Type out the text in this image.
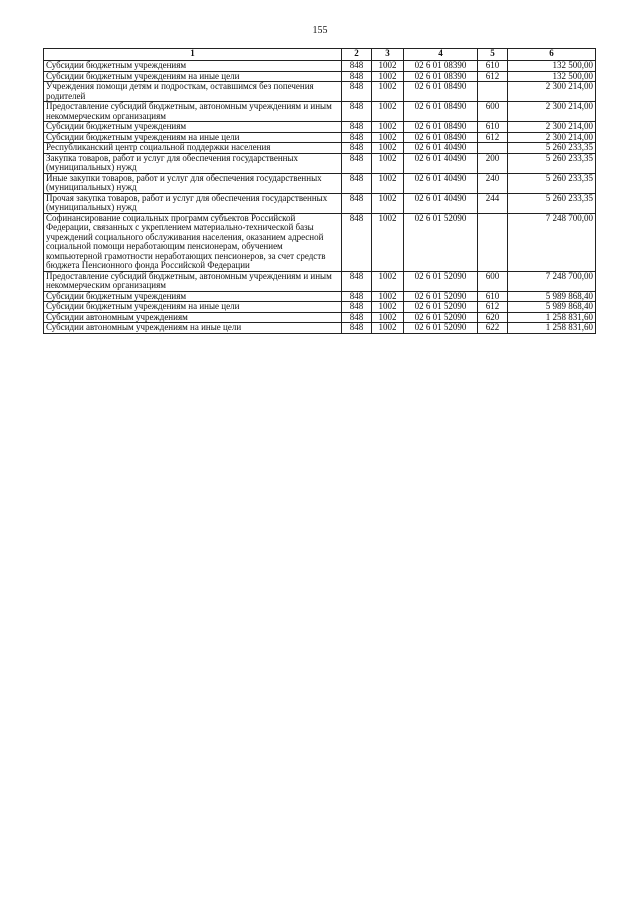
155
1	2	3	4	5	6
Субсидии бюджетным учреждениям	848	1002	02 6 01 08390	610	132 500,00
Субсидии бюджетным учреждениям на иные цели	848	1002	02 6 01 08390	612	132 500,00
Учреждения помощи детям и подросткам, оставшимся без попечения родителей	848	1002	02 6 01 08490		2 300 214,00
Предоставление субсидий бюджетным, автономным учреждениям и иным некоммерческим организациям	848	1002	02 6 01 08490	600	2 300 214,00
Субсидии бюджетным учреждениям	848	1002	02 6 01 08490	610	2 300 214,00
Субсидии бюджетным учреждениям на иные цели	848	1002	02 6 01 08490	612	2 300 214,00
Республиканский центр социальной поддержки населения	848	1002	02 6 01 40490		5 260 233,35
Закупка товаров, работ и услуг для обеспечения государственных (муниципальных) нужд	848	1002	02 6 01 40490	200	5 260 233,35
Иные закупки товаров, работ и услуг для обеспечения государственных (муниципальных) нужд	848	1002	02 6 01 40490	240	5 260 233,35
Прочая закупка товаров, работ и услуг для обеспечения государственных (муниципальных) нужд	848	1002	02 6 01 40490	244	5 260 233,35
Софинансирование социальных программ субъектов Российской Федерации, связанных с укреплением материально-технической базы учреждений социального обслуживания населения, оказанием адресной социальной помощи неработающим пенсионерам, обучением компьютерной грамотности неработающих пенсионеров, за счет средств бюджета Пенсионного фонда Российской Федерации	848	1002	02 6 01 52090		7 248 700,00
Предоставление субсидий бюджетным, автономным учреждениям и иным некоммерческим организациям	848	1002	02 6 01 52090	600	7 248 700,00
Субсидии бюджетным учреждениям	848	1002	02 6 01 52090	610	5 989 868,40
Субсидии бюджетным учреждениям на иные цели	848	1002	02 6 01 52090	612	5 989 868,40
Субсидии автономным учреждениям	848	1002	02 6 01 52090	620	1 258 831,60
Субсидии автономным учреждениям на иные цели	848	1002	02 6 01 52090	622	1 258 831,60
